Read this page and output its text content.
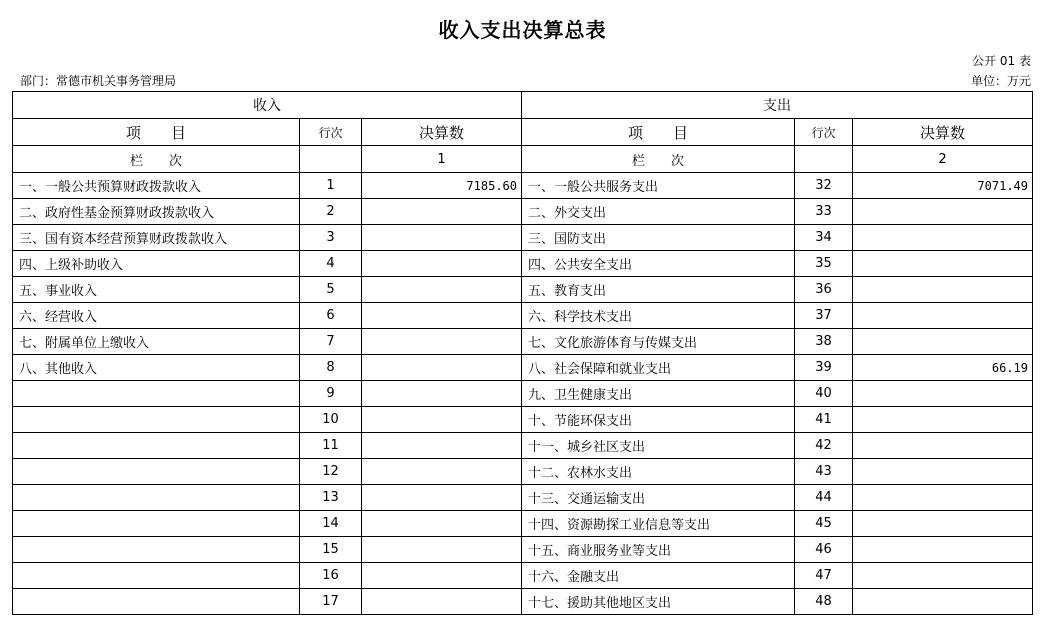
收入支出决算总表
公开 01 表
部门：常德市机关事务管理局	单位：万元
收入			支出		
项　　目	行次	决算数	项　　目	行次	决算数
栏　　次		1	栏　　次		2
一、一般公共预算财政拨款收入	1	7185.60	一、一般公共服务支出	32	7071.49
二、政府性基金预算财政拨款收入	2		二、外交支出	33	
三、国有资本经营预算财政拨款收入	3		三、国防支出	34	
四、上级补助收入	4		四、公共安全支出	35	
五、事业收入	5		五、教育支出	36	
六、经营收入	6		六、科学技术支出	37	
七、附属单位上缴收入	7		七、文化旅游体育与传媒支出	38	
八、其他收入	8		八、社会保障和就业支出	39	66.19
	9		九、卫生健康支出	40	
	10		十、节能环保支出	41	
	11		十一、城乡社区支出	42	
	12		十二、农林水支出	43	
	13		十三、交通运输支出	44	
	14		十四、资源勘探工业信息等支出	45	
	15		十五、商业服务业等支出	46	
	16		十六、金融支出	47	
	17		十七、援助其他地区支出	48	
